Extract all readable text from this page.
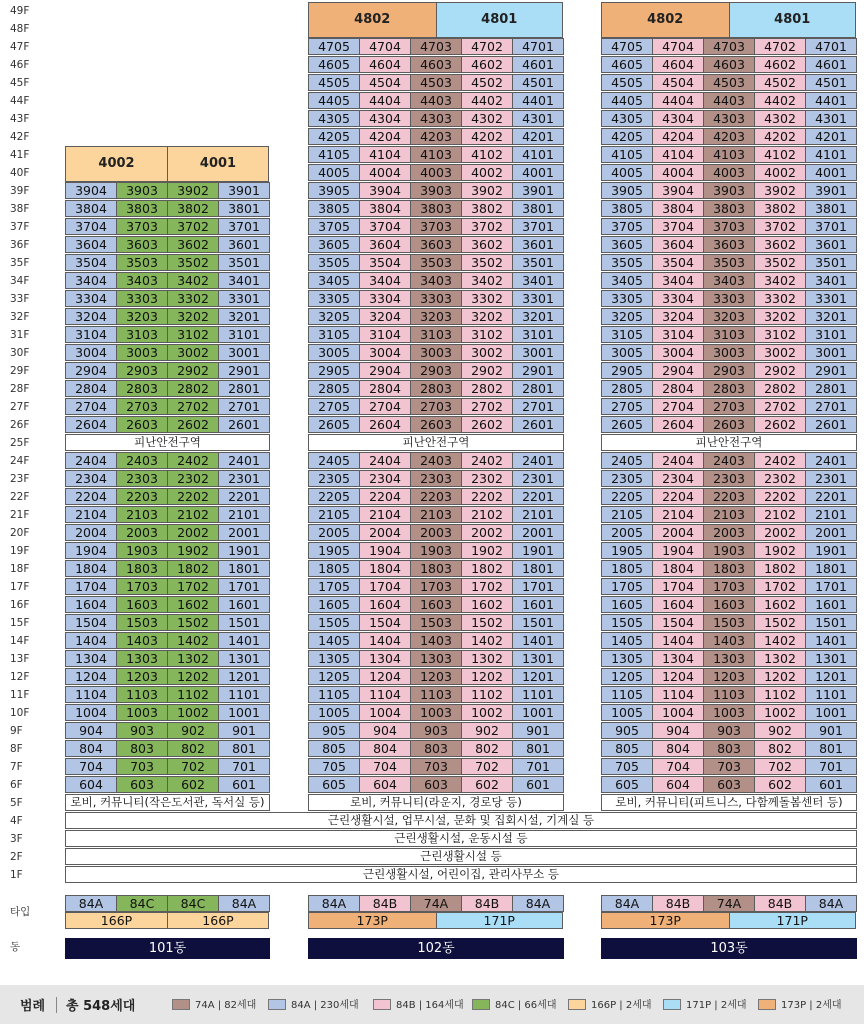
49F
48F
47F
46F
45F
44F
43F
42F
41F
40F
39F
38F
37F
36F
35F
34F
33F
32F
31F
30F
29F
28F
27F
26F
25F
24F
23F
22F
21F
20F
19F
18F
17F
16F
15F
14F
13F
12F
11F
10F
9F
8F
7F
6F
5F
4F
3F
2F
1F
타입
동
4002	4001
3904	3903	3902	3901
3804	3803	3802	3801
3704	3703	3702	3701
3604	3603	3602	3601
3504	3503	3502	3501
3404	3403	3402	3401
3304	3303	3302	3301
3204	3203	3202	3201
3104	3103	3102	3101
3004	3003	3002	3001
2904	2903	2902	2901
2804	2803	2802	2801
2704	2703	2702	2701
2604	2603	2602	2601
피난안전구역
2404	2403	2402	2401
2304	2303	2302	2301
2204	2203	2202	2201
2104	2103	2102	2101
2004	2003	2002	2001
1904	1903	1902	1901
1804	1803	1802	1801
1704	1703	1702	1701
1604	1603	1602	1601
1504	1503	1502	1501
1404	1403	1402	1401
1304	1303	1302	1301
1204	1203	1202	1201
1104	1103	1102	1101
1004	1003	1002	1001
904	903	902	901
804	803	802	801
704	703	702	701
604	603	602	601
로비, 커뮤니티(작은도서관, 독서실 등)
84A	84C	84C	84A
166P	166P
101동
4802	4801
4705	4704	4703	4702	4701
4605	4604	4603	4602	4601
4505	4504	4503	4502	4501
4405	4404	4403	4402	4401
4305	4304	4303	4302	4301
4205	4204	4203	4202	4201
4105	4104	4103	4102	4101
4005	4004	4003	4002	4001
3905	3904	3903	3902	3901
3805	3804	3803	3802	3801
3705	3704	3703	3702	3701
3605	3604	3603	3602	3601
3505	3504	3503	3502	3501
3405	3404	3403	3402	3401
3305	3304	3303	3302	3301
3205	3204	3203	3202	3201
3105	3104	3103	3102	3101
3005	3004	3003	3002	3001
2905	2904	2903	2902	2901
2805	2804	2803	2802	2801
2705	2704	2703	2702	2701
2605	2604	2603	2602	2601
피난안전구역
2405	2404	2403	2402	2401
2305	2304	2303	2302	2301
2205	2204	2203	2202	2201
2105	2104	2103	2102	2101
2005	2004	2003	2002	2001
1905	1904	1903	1902	1901
1805	1804	1803	1802	1801
1705	1704	1703	1702	1701
1605	1604	1603	1602	1601
1505	1504	1503	1502	1501
1405	1404	1403	1402	1401
1305	1304	1303	1302	1301
1205	1204	1203	1202	1201
1105	1104	1103	1102	1101
1005	1004	1003	1002	1001
905	904	903	902	901
805	804	803	802	801
705	704	703	702	701
605	604	603	602	601
로비, 커뮤니티(라운지, 경로당 등)
84A	84B	74A	84B	84A
173P	171P
102동
4802	4801
4705	4704	4703	4702	4701
4605	4604	4603	4602	4601
4505	4504	4503	4502	4501
4405	4404	4403	4402	4401
4305	4304	4303	4302	4301
4205	4204	4203	4202	4201
4105	4104	4103	4102	4101
4005	4004	4003	4002	4001
3905	3904	3903	3902	3901
3805	3804	3803	3802	3801
3705	3704	3703	3702	3701
3605	3604	3603	3602	3601
3505	3504	3503	3502	3501
3405	3404	3403	3402	3401
3305	3304	3303	3302	3301
3205	3204	3203	3202	3201
3105	3104	3103	3102	3101
3005	3004	3003	3002	3001
2905	2904	2903	2902	2901
2805	2804	2803	2802	2801
2705	2704	2703	2702	2701
2605	2604	2603	2602	2601
피난안전구역
2405	2404	2403	2402	2401
2305	2304	2303	2302	2301
2205	2204	2203	2202	2201
2105	2104	2103	2102	2101
2005	2004	2003	2002	2001
1905	1904	1903	1902	1901
1805	1804	1803	1802	1801
1705	1704	1703	1702	1701
1605	1604	1603	1602	1601
1505	1504	1503	1502	1501
1405	1404	1403	1402	1401
1305	1304	1303	1302	1301
1205	1204	1203	1202	1201
1105	1104	1103	1102	1101
1005	1004	1003	1002	1001
905	904	903	902	901
805	804	803	802	801
705	704	703	702	701
605	604	603	602	601
로비, 커뮤니티(피트니스, 다함께돌봄센터 등)
84A	84B	74A	84B	84A
173P	171P
103동
근린생활시설, 업무시설, 문화 및 집회시설, 기계실 등
근린생활시설, 운동시설 등
근린생활시설 등
근린생활시설, 어린이집, 관리사무소 등
범례 총 548세대	74A | 82세대	84A | 230세대	84B | 164세대	84C | 66세대	166P | 2세대	171P | 2세대	173P | 2세대
